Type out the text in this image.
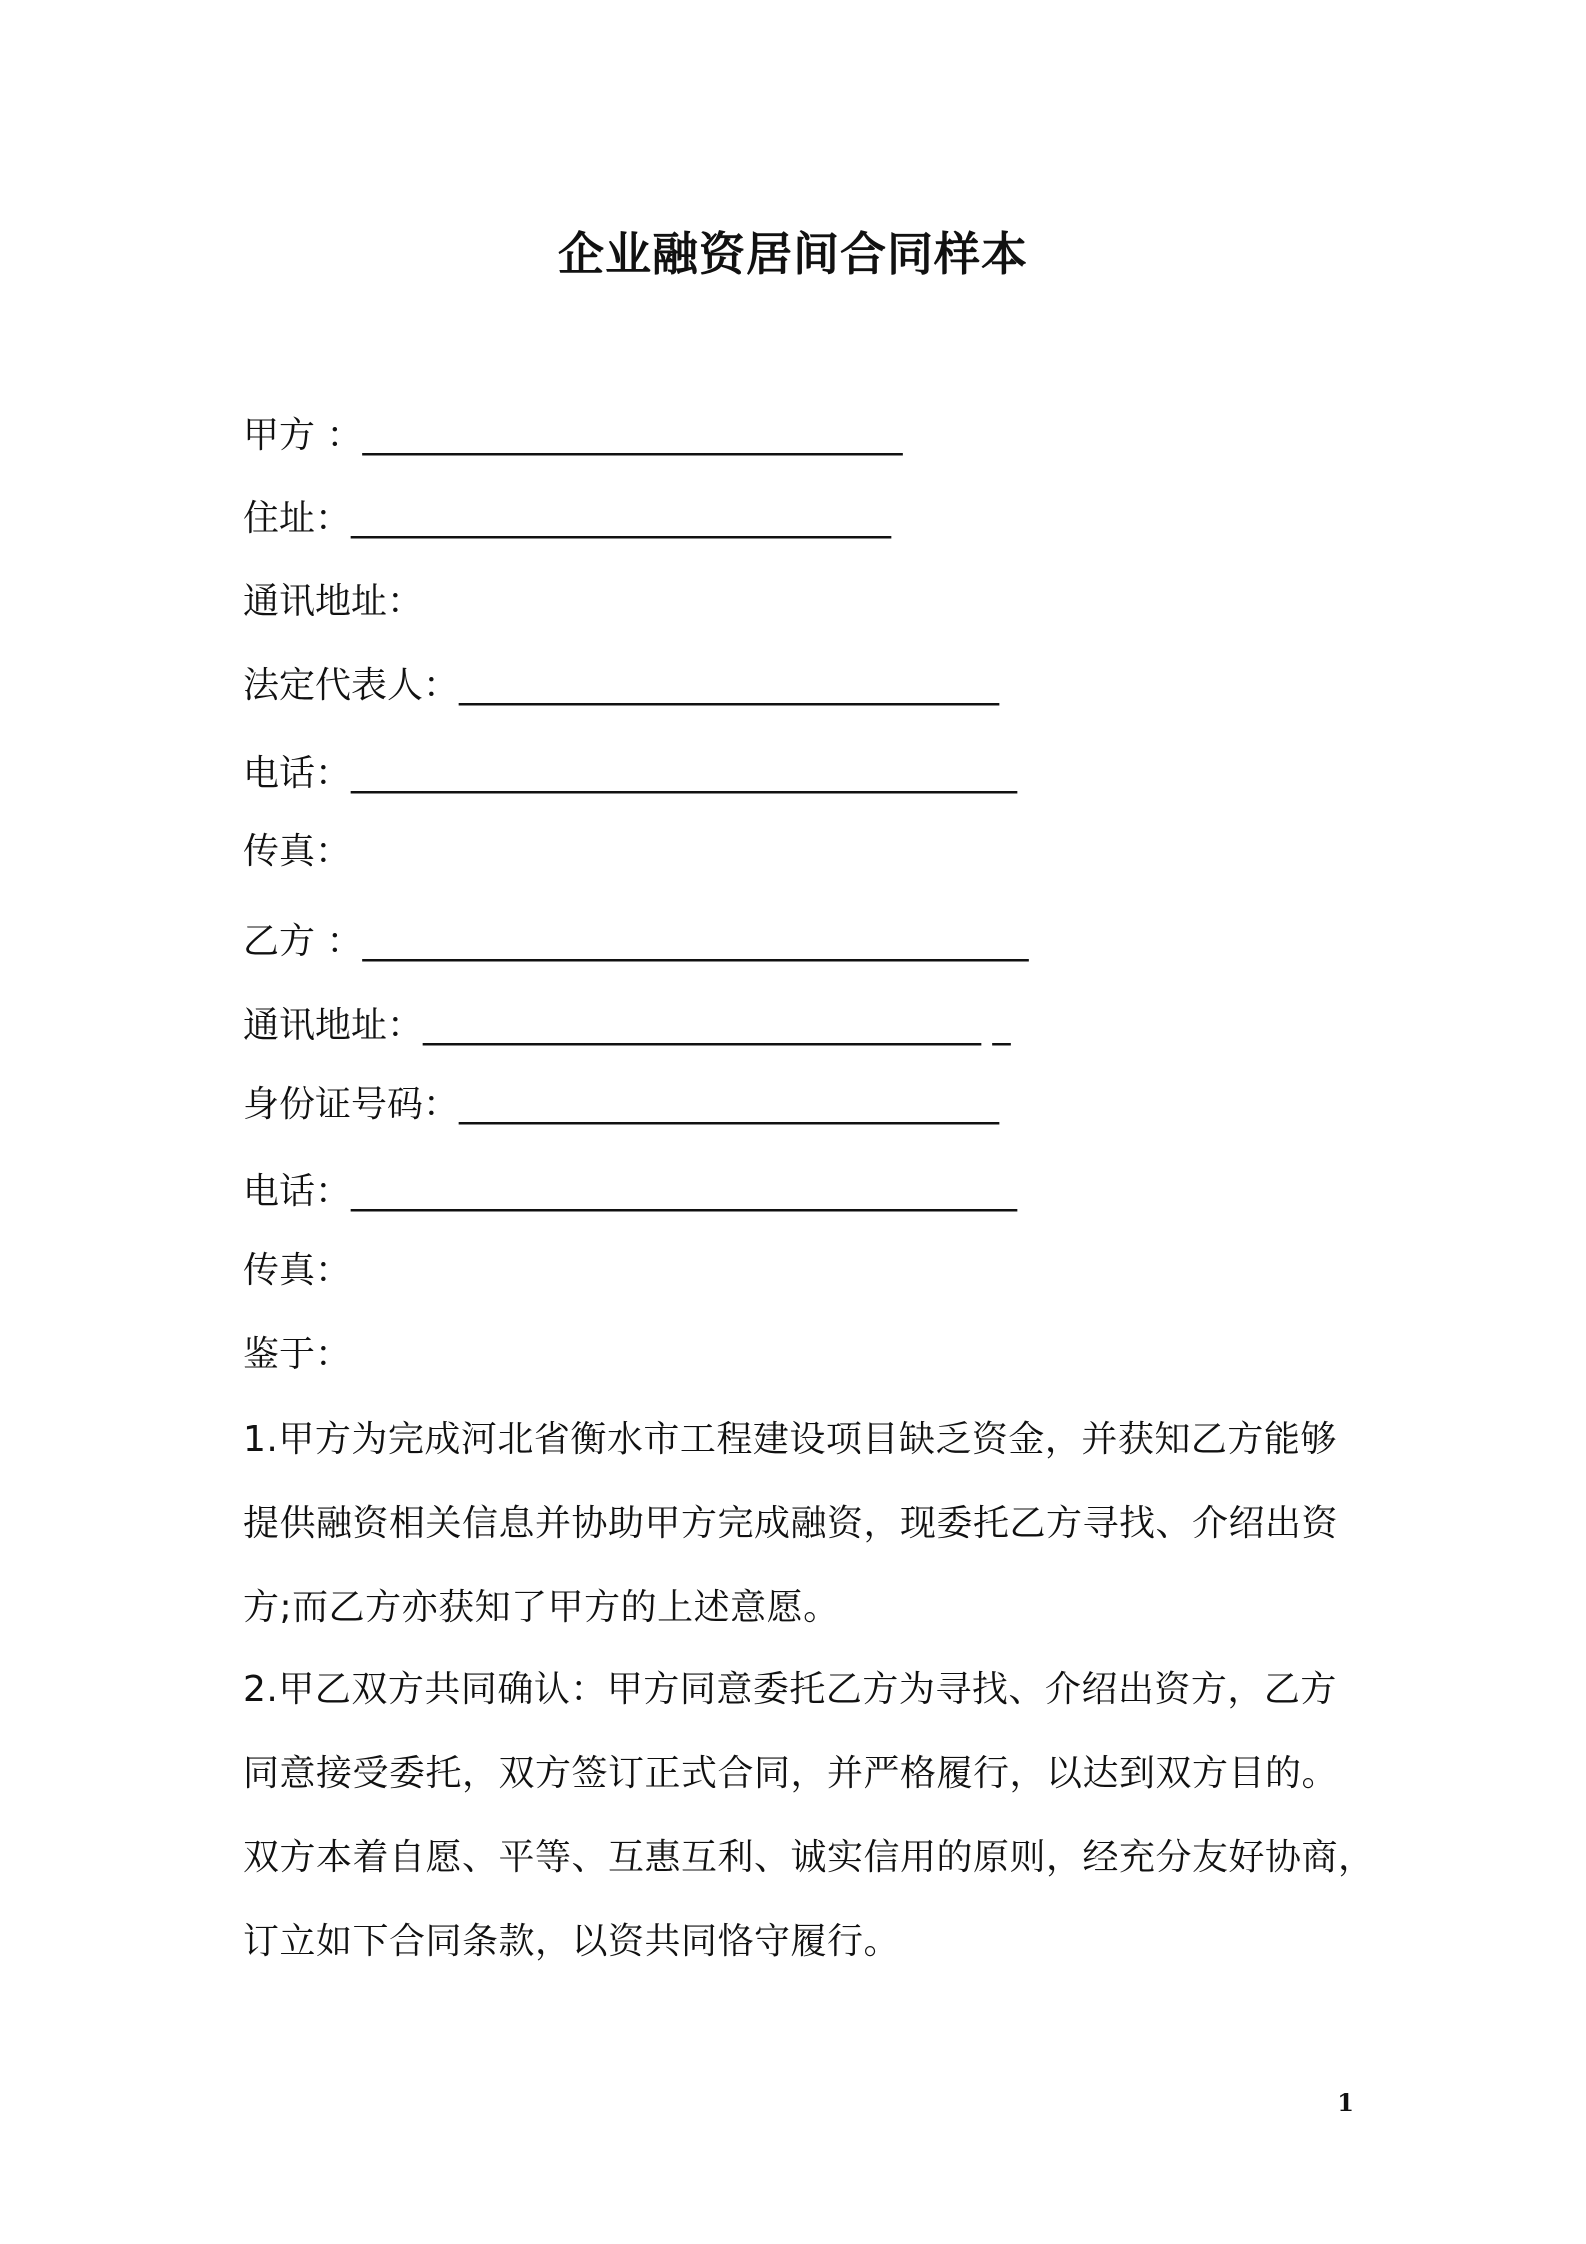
企业融资居间合同样本
甲方 ：______________________________
住址：______________________________
通讯地址：
法定代表人：______________________________
电话：_____________________________________
传真：
乙方 ：_____________________________________
通讯地址：_______________________________ _
身份证号码：______________________________
电话：_____________________________________
传真：
鉴于：
1.甲方为完成河北省衡水市工程建设项目缺乏资金，并获知乙方能够
提供融资相关信息并协助甲方完成融资，现委托乙方寻找、介绍出资
方;而乙方亦获知了甲方的上述意愿。
2.甲乙双方共同确认：甲方同意委托乙方为寻找、介绍出资方，乙方
同意接受委托，双方签订正式合同，并严格履行，以达到双方目的。
双方本着自愿、平等、互惠互利、诚实信用的原则，经充分友好协商，
订立如下合同条款，以资共同恪守履行。
1
